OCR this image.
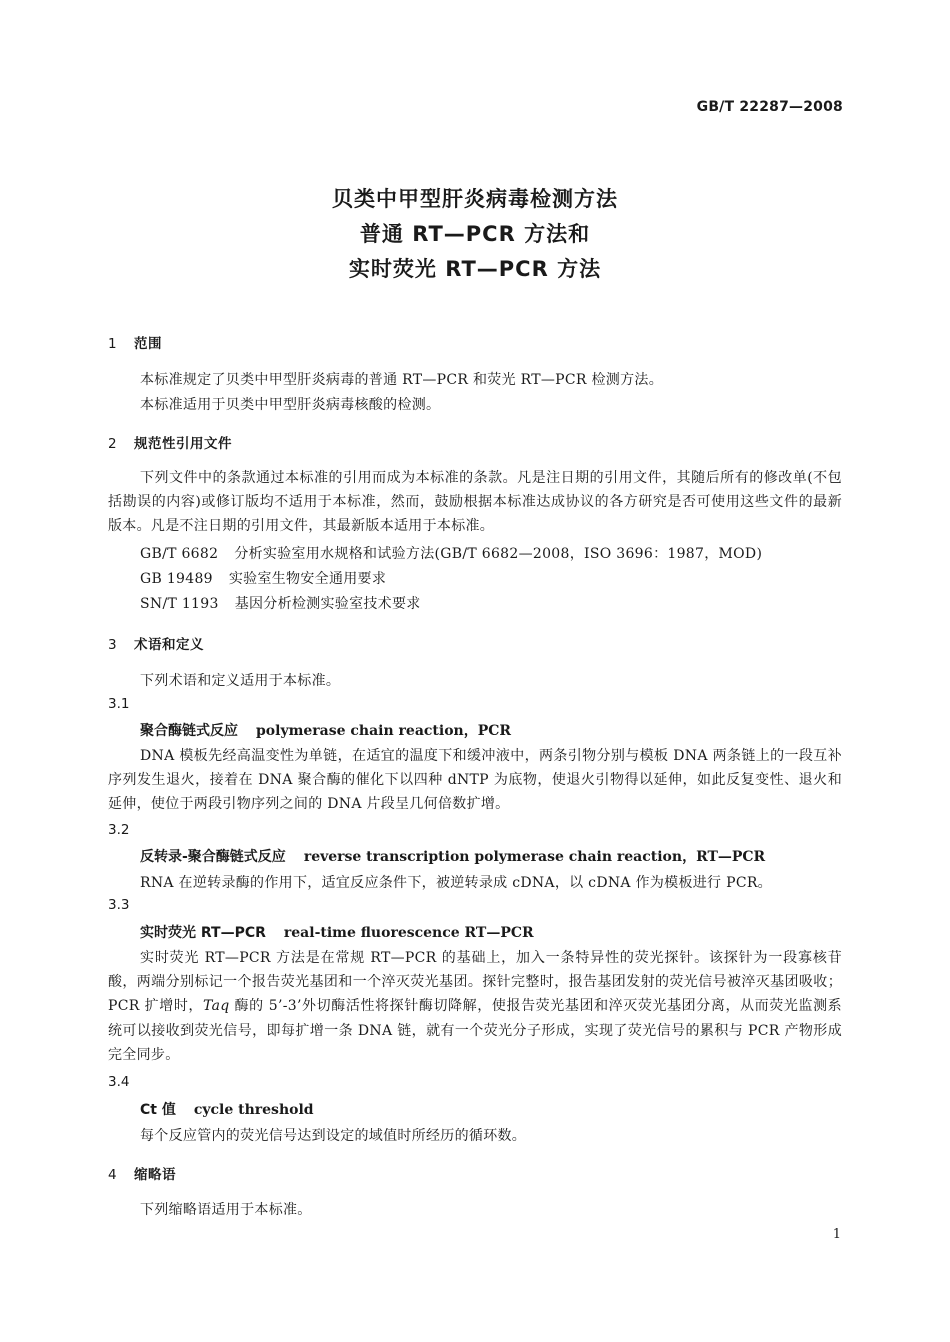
GB/T 22287—2008
贝类中甲型肝炎病毒检测方法
普通 RT—PCR 方法和
实时荧光 RT—PCR 方法
1 范围
本标准规定了贝类中甲型肝炎病毒的普通 RT—PCR 和荧光 RT—PCR 检测方法。
本标准适用于贝类中甲型肝炎病毒核酸的检测。
2 规范性引用文件
下列文件中的条款通过本标准的引用而成为本标准的条款。凡是注日期的引用文件，其随后所有的修改单(不包括勘误的内容)或修订版均不适用于本标准，然而，鼓励根据本标准达成协议的各方研究是否可使用这些文件的最新版本。凡是不注日期的引用文件，其最新版本适用于本标准。
GB/T 6682 分析实验室用水规格和试验方法(GB/T 6682—2008，ISO 3696：1987，MOD)
GB 19489 实验室生物安全通用要求
SN/T 1193 基因分析检测实验室技术要求
3 术语和定义
下列术语和定义适用于本标准。
3.1
聚合酶链式反应 polymerase chain reaction，PCR
DNA 模板先经高温变性为单链，在适宜的温度下和缓冲液中，两条引物分别与模板 DNA 两条链上的一段互补序列发生退火，接着在 DNA 聚合酶的催化下以四种 dNTP 为底物，使退火引物得以延伸，如此反复变性、退火和延伸，使位于两段引物序列之间的 DNA 片段呈几何倍数扩增。
3.2
反转录-聚合酶链式反应 reverse transcription polymerase chain reaction，RT—PCR
RNA 在逆转录酶的作用下，适宜反应条件下，被逆转录成 cDNA，以 cDNA 作为模板进行 PCR。
3.3
实时荧光 RT—PCR real-time fluorescence RT—PCR
实时荧光 RT—PCR 方法是在常规 RT—PCR 的基础上，加入一条特异性的荧光探针。该探针为一段寡核苷酸，两端分别标记一个报告荧光基团和一个淬灭荧光基团。探针完整时，报告基团发射的荧光信号被淬灭基团吸收；PCR 扩增时，Taq 酶的 5’-3’外切酶活性将探针酶切降解，使报告荧光基团和淬灭荧光基团分离，从而荧光监测系统可以接收到荧光信号，即每扩增一条 DNA 链，就有一个荧光分子形成，实现了荧光信号的累积与 PCR 产物形成完全同步。
3.4
Ct 值 cycle threshold
每个反应管内的荧光信号达到设定的域值时所经历的循环数。
4 缩略语
下列缩略语适用于本标准。
1
